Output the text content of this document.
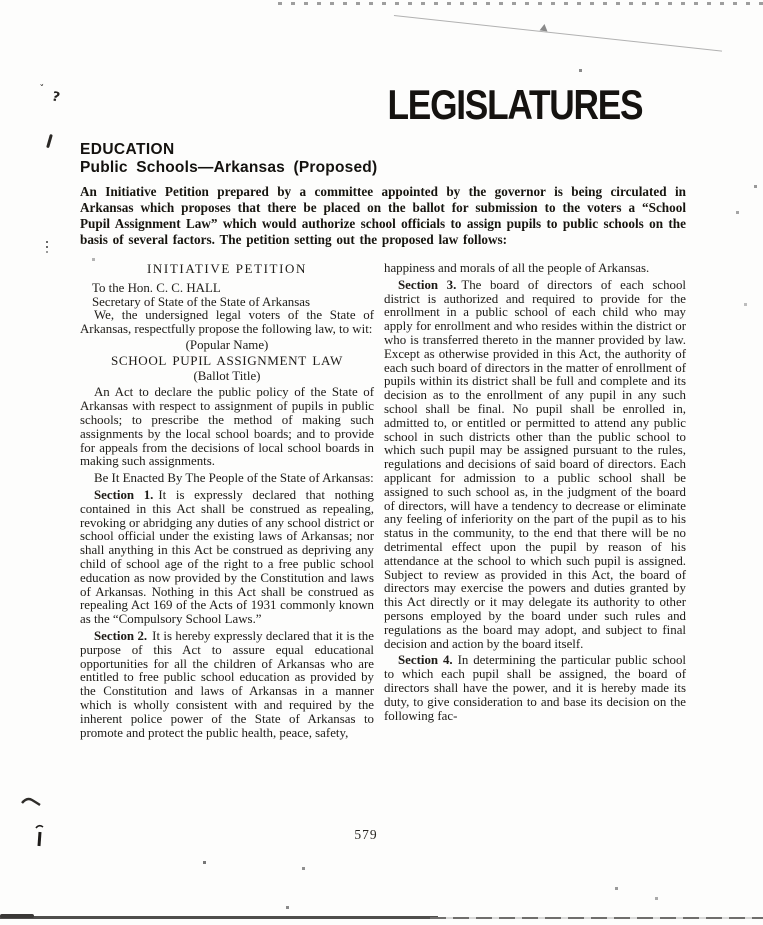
ˇ ?	LEGISLATURES
EDUCATION
Public Schools—Arkansas (Proposed)

An Initiative Petition prepared by a committee appointed by the governor is being circulated in Arkansas which proposes that there be placed on the ballot for submission to the voters a “School Pupil Assignment Law” which would authorize school officials to assign pupils to public schools on the basis of several factors. The petition setting out the proposed law follows:

INITIATIVE PETITION

To the Hon. C. C. HALL

Secretary of State of the State of Arkansas

We, the undersigned legal voters of the State of Arkansas, respectfully propose the following law, to wit:

(Popular Name)

SCHOOL PUPIL ASSIGNMENT LAW

(Ballot Title)

An Act to declare the public policy of the State of Arkansas with respect to assignment of pupils in public schools; to prescribe the method of making such assignments by the local school boards; and to provide for appeals from the decisions of local school boards in making such assignments.

Be It Enacted By The People of the State of Arkansas:

Section 1. It is expressly declared that nothing contained in this Act shall be construed as repealing, revoking or abridging any duties of any school district or school official under the existing laws of Arkansas; nor shall anything in this Act be construed as depriving any child of school age of the right to a free public school education as now provided by the Constitution and laws of Arkansas. Nothing in this Act shall be construed as repealing Act 169 of the Acts of 1931 commonly known as the “Compulsory School Laws.”

Section 2. It is hereby expressly declared that it is the purpose of this Act to assure equal educational opportunities for all the children of Arkansas who are entitled to free public school education as provided by the Constitution and laws of Arkansas in a manner which is wholly consistent with and required by the inherent police power of the State of Arkansas to promote and protect the public health, peace, safety,

happiness and morals of all the people of Arkansas.

Section 3. The board of directors of each school district is authorized and required to provide for the enrollment in a public school of each child who may apply for enrollment and who resides within the district or who is transferred thereto in the manner provided by law. Except as otherwise provided in this Act, the authority of each such board of directors in the matter of enrollment of pupils within its district shall be full and complete and its decision as to the enrollment of any pupil in any such school shall be final. No pupil shall be enrolled in, admitted to, or entitled or permitted to attend any public school in such districts other than the public school to which such pupil may be assigned pursuant to the rules, regulations and decisions of said board of directors. Each applicant for admission to a public school shall be assigned to such school as, in the judgment of the board of directors, will have a tendency to decrease or eliminate any feeling of inferiority on the part of the pupil as to his status in the community, to the end that there will be no detrimental effect upon the pupil by reason of his attendance at the school to which such pupil is assigned. Subject to review as provided in this Act, the board of directors may exercise the powers and duties granted by this Act directly or it may delegate its authority to other persons employed by the board under such rules and regulations as the board may adopt, and subject to final decision and action by the board itself.

Section 4. In determining the particular public school to which each pupil shall be assigned, the board of directors shall have the power, and it is hereby made its duty, to give consideration to and base its decision on the following fac-

579
